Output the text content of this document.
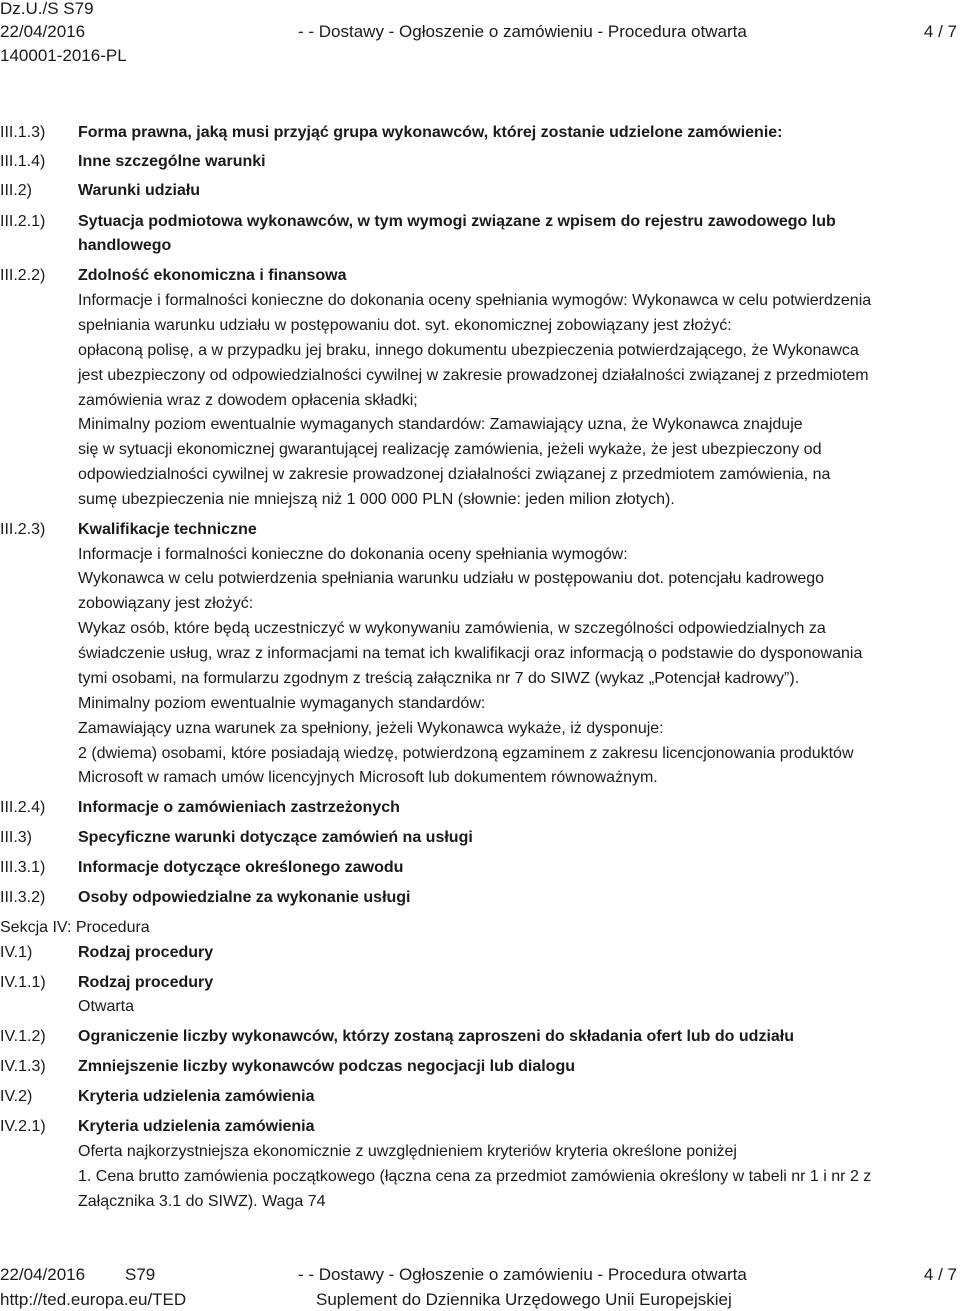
Dz.U./S S79
22/04/2016	- - Dostawy - Ogłoszenie o zamówieniu - Procedura otwarta	4 / 7
140001-2016-PL
III.1.3) Forma prawna, jaką musi przyjąć grupa wykonawców, której zostanie udzielone zamówienie:
III.1.4) Inne szczególne warunki
III.2)	Warunki udziału
III.2.1) Sytuacja podmiotowa wykonawców, w tym wymogi związane z wpisem do rejestru zawodowego lub
handlowego
III.2.2) Zdolność ekonomiczna i finansowa
Informacje i formalności konieczne do dokonania oceny spełniania wymogów: Wykonawca w celu potwierdzenia
spełniania warunku udziału w postępowaniu dot. syt. ekonomicznej zobowiązany jest złożyć:
opłaconą polisę, a w przypadku jej braku, innego dokumentu ubezpieczenia potwierdzającego, że Wykonawca
jest ubezpieczony od odpowiedzialności cywilnej w zakresie prowadzonej działalności związanej z przedmiotem
zamówienia wraz z dowodem opłacenia składki;
Minimalny poziom ewentualnie wymaganych standardów: Zamawiający uzna, że Wykonawca znajduje
się w sytuacji ekonomicznej gwarantującej realizację zamówienia, jeżeli wykaże, że jest ubezpieczony od
odpowiedzialności cywilnej w zakresie prowadzonej działalności związanej z przedmiotem zamówienia, na
sumę ubezpieczenia nie mniejszą niż 1 000 000 PLN (słownie: jeden milion złotych).
III.2.3) Kwalifikacje techniczne
Informacje i formalności konieczne do dokonania oceny spełniania wymogów:
Wykonawca w celu potwierdzenia spełniania warunku udziału w postępowaniu dot. potencjału kadrowego
zobowiązany jest złożyć:
Wykaz osób, które będą uczestniczyć w wykonywaniu zamówienia, w szczególności odpowiedzialnych za
świadczenie usług, wraz z informacjami na temat ich kwalifikacji oraz informacją o podstawie do dysponowania
tymi osobami, na formularzu zgodnym z treścią załącznika nr 7 do SIWZ (wykaz „Potencjał kadrowy”).
Minimalny poziom ewentualnie wymaganych standardów:
Zamawiający uzna warunek za spełniony, jeżeli Wykonawca wykaże, iż dysponuje:
2 (dwiema) osobami, które posiadają wiedzę, potwierdzoną egzaminem z zakresu licencjonowania produktów
Microsoft w ramach umów licencyjnych Microsoft lub dokumentem równoważnym.
III.2.4) Informacje o zamówieniach zastrzeżonych
III.3)	Specyficzne warunki dotyczące zamówień na usługi
III.3.1) Informacje dotyczące określonego zawodu
III.3.2) Osoby odpowiedzialne za wykonanie usługi
Sekcja IV: Procedura
IV.1)	Rodzaj procedury
IV.1.1) Rodzaj procedury
Otwarta
IV.1.2) Ograniczenie liczby wykonawców, którzy zostaną zaproszeni do składania ofert lub do udziału
IV.1.3) Zmniejszenie liczby wykonawców podczas negocjacji lub dialogu
IV.2)	Kryteria udzielenia zamówienia
IV.2.1) Kryteria udzielenia zamówienia
Oferta najkorzystniejsza ekonomicznie z uwzględnieniem kryteriów kryteria określone poniżej
1. Cena brutto zamówienia początkowego (łączna cena za przedmiot zamówienia określony w tabeli nr 1 i nr 2 z
Załącznika 3.1 do SIWZ). Waga 74
22/04/2016 S79	- - Dostawy - Ogłoszenie o zamówieniu - Procedura otwarta	4 / 7
http://ted.europa.eu/TED	Suplement do Dziennika Urzędowego Unii Europejskiej
